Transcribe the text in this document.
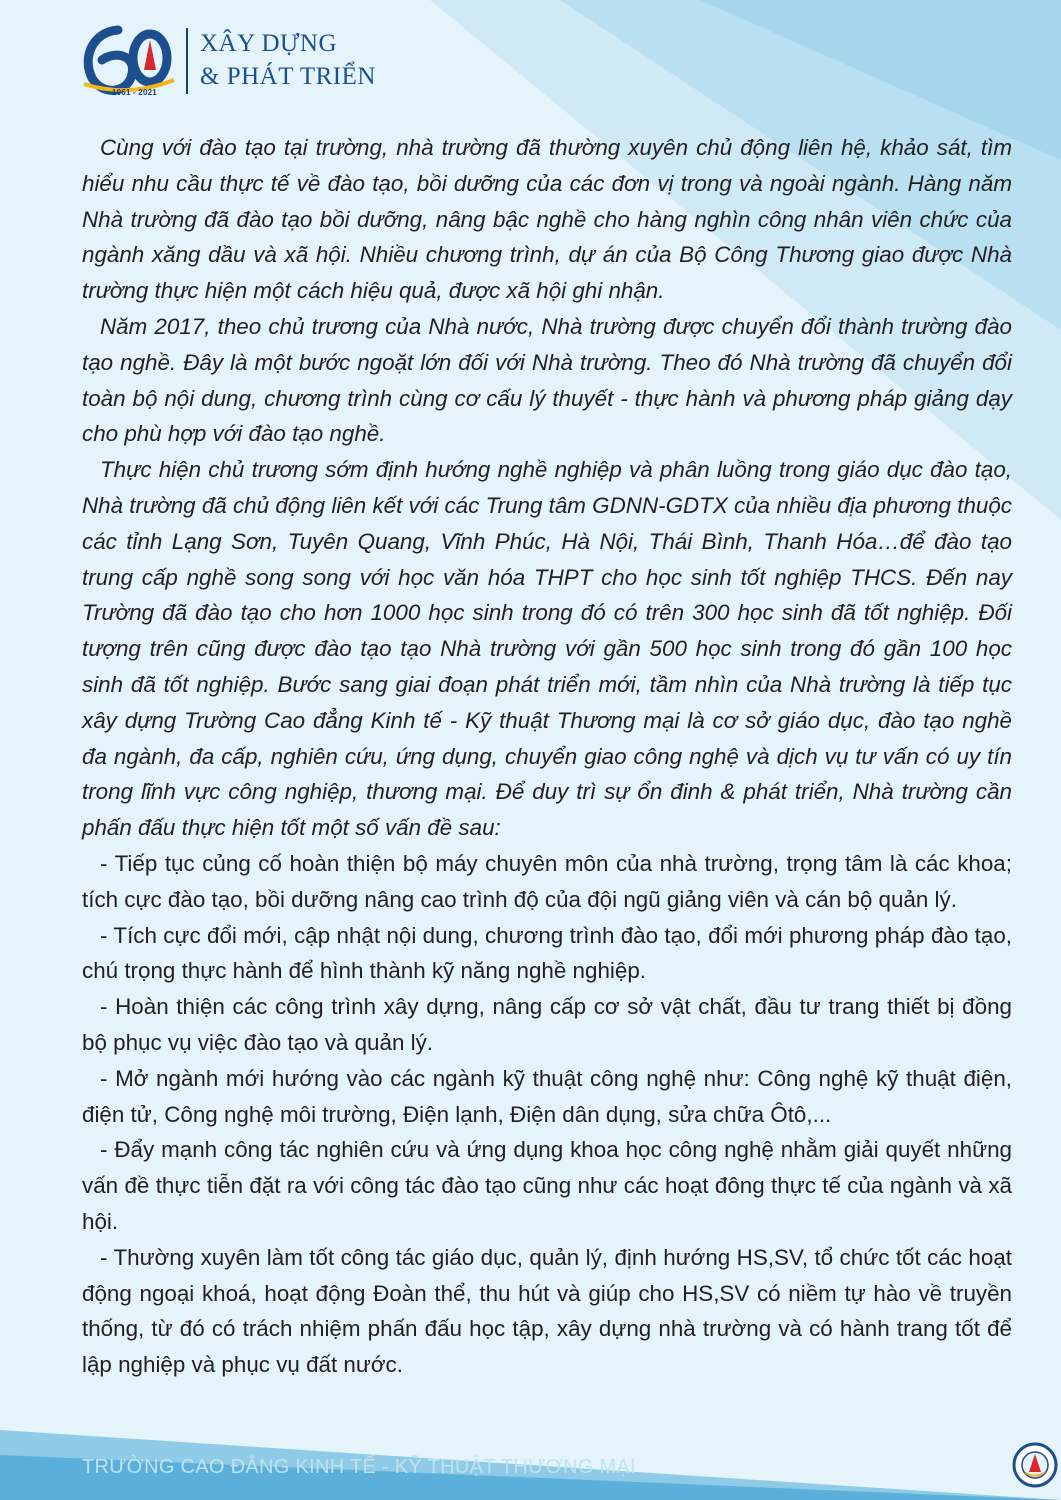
1961 - 2021
XÂY DỰNG
& PHÁT TRIỂN

Cùng với đào tạo tại trường, nhà trường đã thường xuyên chủ động liên hệ, khảo sát, tìm hiểu nhu cầu thực tế về đào tạo, bồi dưỡng của các đơn vị trong và ngoài ngành. Hàng năm Nhà trường đã đào tạo bồi dưỡng, nâng bậc nghề cho hàng nghìn công nhân viên chức của ngành xăng dầu và xã hội. Nhiều chương trình, dự án của Bộ Công Thương giao được Nhà trường thực hiện một cách hiệu quả, được xã hội ghi nhận.

Năm 2017, theo chủ trương của Nhà nước, Nhà trường được chuyển đổi thành trường đào tạo nghề. Đây là một bước ngoặt lớn đối với Nhà trường. Theo đó Nhà trường đã chuyển đổi toàn bộ nội dung, chương trình cùng cơ cấu lý thuyết - thực hành và phương pháp giảng dạy cho phù hợp với đào tạo nghề.

Thực hiện chủ trương sớm định hướng nghề nghiệp và phân luồng trong giáo dục đào tạo, Nhà trường đã chủ động liên kết với các Trung tâm GDNN-GDTX của nhiều địa phương thuộc các tỉnh Lạng Sơn, Tuyên Quang, Vĩnh Phúc, Hà Nội, Thái Bình, Thanh Hóa…để đào tạo trung cấp nghề song song với học văn hóa THPT cho học sinh tốt nghiệp THCS. Đến nay Trường đã đào tạo cho hơn 1000 học sinh trong đó có trên 300 học sinh đã tốt nghiệp. Đối tượng trên cũng được đào tạo tạo Nhà trường với gần 500 học sinh trong đó gần 100 học sinh đã tốt nghiệp. Bước sang giai đoạn phát triển mới, tầm nhìn của Nhà trường là tiếp tục xây dựng Trường Cao đẳng Kinh tế - Kỹ thuật Thương mại là cơ sở giáo dục, đào tạo nghề đa ngành, đa cấp, nghiên cứu, ứng dụng, chuyển giao công nghệ và dịch vụ tư vấn có uy tín trong lĩnh vực công nghiệp, thương mại. Để duy trì sự ổn đinh & phát triển, Nhà trường cần phấn đấu thực hiện tốt một số vấn đề sau:

- Tiếp tục củng cố hoàn thiện bộ máy chuyên môn của nhà trường, trọng tâm là các khoa; tích cực đào tạo, bồi dưỡng nâng cao trình độ của đội ngũ giảng viên và cán bộ quản lý.

- Tích cực đổi mới, cập nhật nội dung, chương trình đào tạo, đổi mới phương pháp đào tạo, chú trọng thực hành để hình thành kỹ năng nghề nghiệp.

- Hoàn thiện các công trình xây dựng, nâng cấp cơ sở vật chất, đầu tư trang thiết bị đồng bộ phục vụ việc đào tạo và quản lý.

- Mở ngành mới hướng vào các ngành kỹ thuật công nghệ như: Công nghệ kỹ thuật điện, điện tử, Công nghệ môi trường, Điện lạnh, Điện dân dụng, sửa chữa Ôtô,...

- Đẩy mạnh công tác nghiên cứu và ứng dụng khoa học công nghệ nhằm giải quyết những vấn đề thực tiễn đặt ra với công tác đào tạo cũng như các hoạt đông thực tế của ngành và xã hội.

- Thường xuyên làm tốt công tác giáo dục, quản lý, định hướng HS,SV, tổ chức tốt các hoạt động ngoại khoá, hoạt động Đoàn thể, thu hút và giúp cho HS,SV có niềm tự hào về truyền thống, từ đó có trách nhiệm phấn đấu học tập, xây dựng nhà trường và có hành trang tốt để lập nghiệp và phục vụ đất nước.

TRƯỜNG CAO ĐẲNG KINH TẾ - KỸ THUẬT THƯƠNG MẠI
